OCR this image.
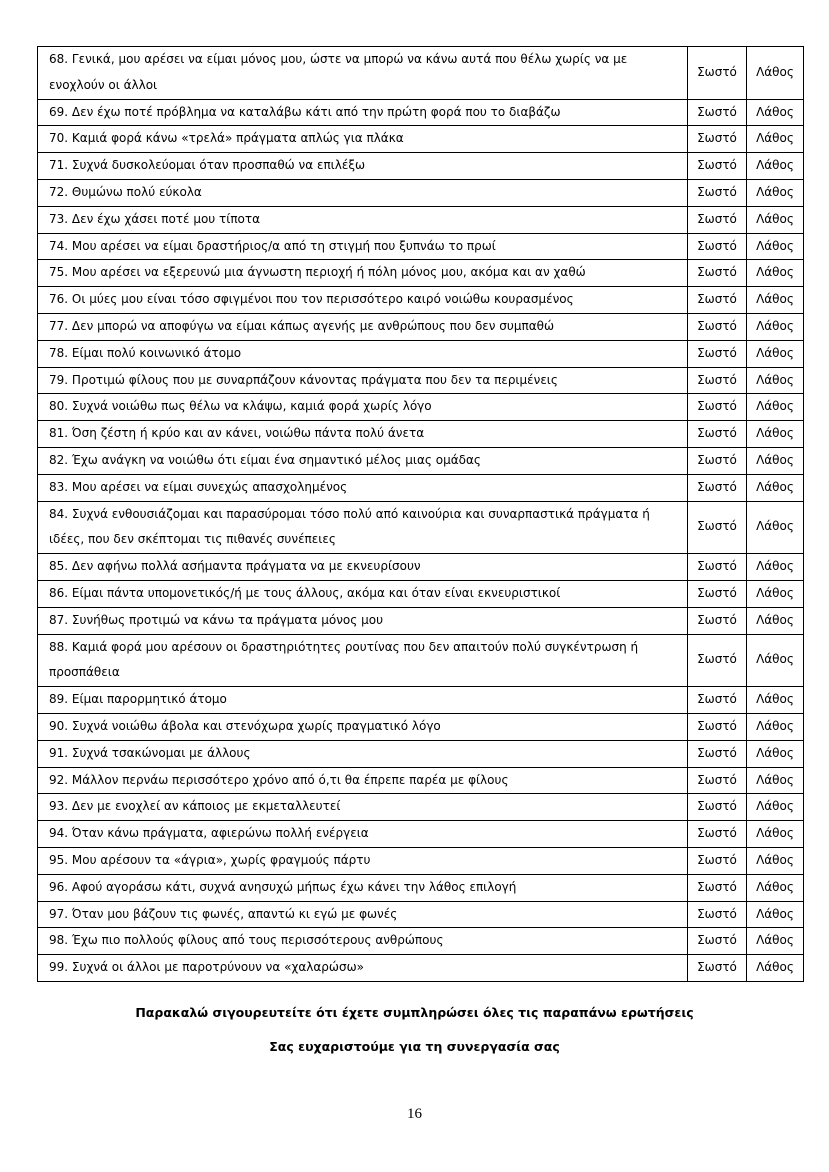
68. Γενικά, μου αρέσει να είμαι μόνος μου, ώστε να μπορώ να κάνω αυτά που θέλω χωρίς να με ενοχλούν οι άλλοι	Σωστό	Λάθος
69. Δεν έχω ποτέ πρόβλημα να καταλάβω κάτι από την πρώτη φορά που το διαβάζω	Σωστό	Λάθος
70. Καμιά φορά κάνω «τρελά» πράγματα απλώς για πλάκα	Σωστό	Λάθος
71. Συχνά δυσκολεύομαι όταν προσπαθώ να επιλέξω	Σωστό	Λάθος
72. Θυμώνω πολύ εύκολα	Σωστό	Λάθος
73. Δεν έχω χάσει ποτέ μου τίποτα	Σωστό	Λάθος
74. Μου αρέσει να είμαι δραστήριος/α από τη στιγμή που ξυπνάω το πρωί	Σωστό	Λάθος
75. Μου αρέσει να εξερευνώ μια άγνωστη περιοχή ή πόλη μόνος μου, ακόμα και αν χαθώ	Σωστό	Λάθος
76. Οι μύες μου είναι τόσο σφιγμένοι που τον περισσότερο καιρό νοιώθω κουρασμένος	Σωστό	Λάθος
77. Δεν μπορώ να αποφύγω να είμαι κάπως αγενής με ανθρώπους που δεν συμπαθώ	Σωστό	Λάθος
78. Είμαι πολύ κοινωνικό άτομο	Σωστό	Λάθος
79. Προτιμώ φίλους που με συναρπάζουν κάνοντας πράγματα που δεν τα περιμένεις	Σωστό	Λάθος
80. Συχνά νοιώθω πως θέλω να κλάψω, καμιά φορά χωρίς λόγο	Σωστό	Λάθος
81. Όση ζέστη ή κρύο και αν κάνει, νοιώθω πάντα πολύ άνετα	Σωστό	Λάθος
82. Έχω ανάγκη να νοιώθω ότι είμαι ένα σημαντικό μέλος μιας ομάδας	Σωστό	Λάθος
83. Μου αρέσει να είμαι συνεχώς απασχολημένος	Σωστό	Λάθος
84. Συχνά ενθουσιάζομαι και παρασύρομαι τόσο πολύ από καινούρια και συναρπαστικά πράγματα ή ιδέες, που δεν σκέπτομαι τις πιθανές συνέπειες	Σωστό	Λάθος
85. Δεν αφήνω πολλά ασήμαντα πράγματα να με εκνευρίσουν	Σωστό	Λάθος
86. Είμαι πάντα υπομονετικός/ή με τους άλλους, ακόμα και όταν είναι εκνευριστικοί	Σωστό	Λάθος
87. Συνήθως προτιμώ να κάνω τα πράγματα μόνος μου	Σωστό	Λάθος
88. Καμιά φορά μου αρέσουν οι δραστηριότητες ρουτίνας που δεν απαιτούν πολύ συγκέντρωση ή προσπάθεια	Σωστό	Λάθος
89. Είμαι παρορμητικό άτομο	Σωστό	Λάθος
90. Συχνά νοιώθω άβολα και στενόχωρα χωρίς πραγματικό λόγο	Σωστό	Λάθος
91. Συχνά τσακώνομαι με άλλους	Σωστό	Λάθος
92. Μάλλον περνάω περισσότερο χρόνο από ό,τι θα έπρεπε παρέα με φίλους	Σωστό	Λάθος
93. Δεν με ενοχλεί αν κάποιος με εκμεταλλευτεί	Σωστό	Λάθος
94. Όταν κάνω πράγματα, αφιερώνω πολλή ενέργεια	Σωστό	Λάθος
95. Μου αρέσουν τα «άγρια», χωρίς φραγμούς πάρτυ	Σωστό	Λάθος
96. Αφού αγοράσω κάτι, συχνά ανησυχώ μήπως έχω κάνει την λάθος επιλογή	Σωστό	Λάθος
97. Όταν μου βάζουν τις φωνές, απαντώ κι εγώ με φωνές	Σωστό	Λάθος
98. Έχω πιο πολλούς φίλους από τους περισσότερους ανθρώπους	Σωστό	Λάθος
99. Συχνά οι άλλοι με παροτρύνουν να «χαλαρώσω»	Σωστό	Λάθος
Παρακαλώ σιγουρευτείτε ότι έχετε συμπληρώσει όλες τις παραπάνω ερωτήσεις
Σας ευχαριστούμε για τη συνεργασία σας
16
